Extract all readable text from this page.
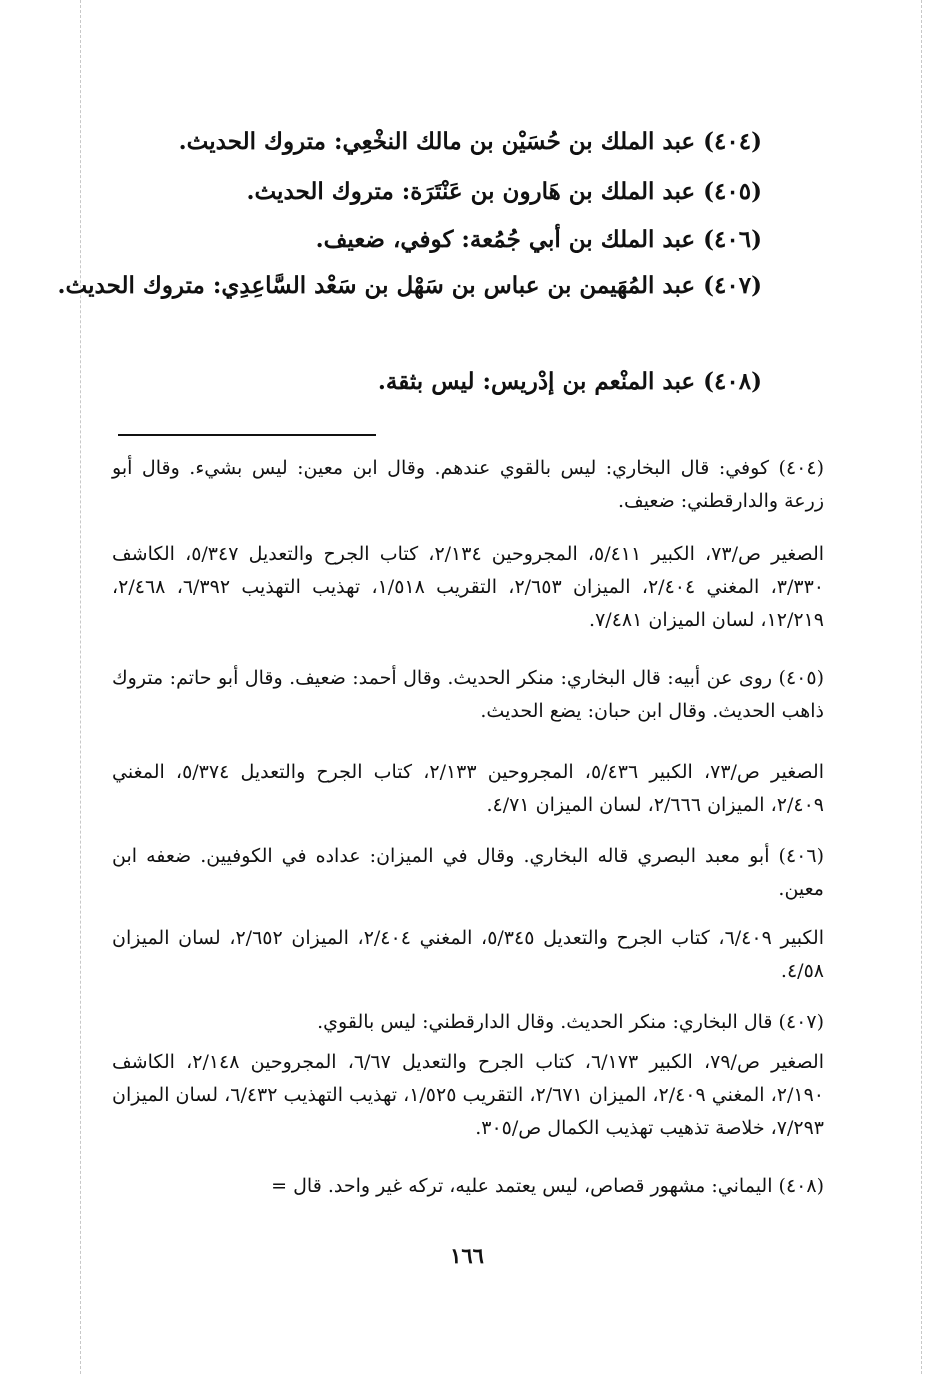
(٤٠٤) عبد الملك بن حُسَيْن بن مالك النخْعِي: متروك الحديث.
(٤٠٥) عبد الملك بن هَارون بن عَنْتَرَة: متروك الحديث.
(٤٠٦) عبد الملك بن أبي جُمُعة: كوفي، ضعيف.
(٤٠٧) عبد المُهَيمن بن عباس بن سَهْل بن سَعْد السَّاعِدِي: متروك الحديث.
(٤٠٨) عبد المنْعم بن إدْريس: ليس بثقة.
(٤٠٤) كوفي: قال البخاري: ليس بالقوي عندهم. وقال ابن معين: ليس بشيء. وقال أبو زرعة والدارقطني: ضعيف.
الصغير ص/٧٣، الكبير ٥/٤١١، المجروحين ٢/١٣٤، كتاب الجرح والتعديل ٥/٣٤٧، الكاشف ٣/٣٣٠، المغني ٢/٤٠٤، الميزان ٢/٦٥٣، التقريب ١/٥١٨، تهذيب التهذيب ٦/٣٩٢، ٢/٤٦٨، ١٢/٢١٩، لسان الميزان ٧/٤٨١.
(٤٠٥) روى عن أبيه: قال البخاري: منكر الحديث. وقال أحمد: ضعيف. وقال أبو حاتم: متروك ذاهب الحديث. وقال ابن حبان: يضع الحديث.
الصغير ص/٧٣، الكبير ٥/٤٣٦، المجروحين ٢/١٣٣، كتاب الجرح والتعديل ٥/٣٧٤، المغني ٢/٤٠٩، الميزان ٢/٦٦٦، لسان الميزان ٤/٧١.
(٤٠٦) أبو معبد البصري قاله البخاري. وقال في الميزان: عداده في الكوفيين. ضعفه ابن معين.
الكبير ٦/٤٠٩، كتاب الجرح والتعديل ٥/٣٤٥، المغني ٢/٤٠٤، الميزان ٢/٦٥٢، لسان الميزان ٤/٥٨.
(٤٠٧) قال البخاري: منكر الحديث. وقال الدارقطني: ليس بالقوي.
الصغير ص/٧٩، الكبير ٦/١٧٣، كتاب الجرح والتعديل ٦/٦٧، المجروحين ٢/١٤٨، الكاشف ٢/١٩٠، المغني ٢/٤٠٩، الميزان ٢/٦٧١، التقريب ١/٥٢٥، تهذيب التهذيب ٦/٤٣٢، لسان الميزان ٧/٢٩٣، خلاصة تذهيب تهذيب الكمال ص/٣٠٥.
(٤٠٨) اليماني: مشهور قصاص، ليس يعتمد عليه، تركه غير واحد. قال =
١٦٦
